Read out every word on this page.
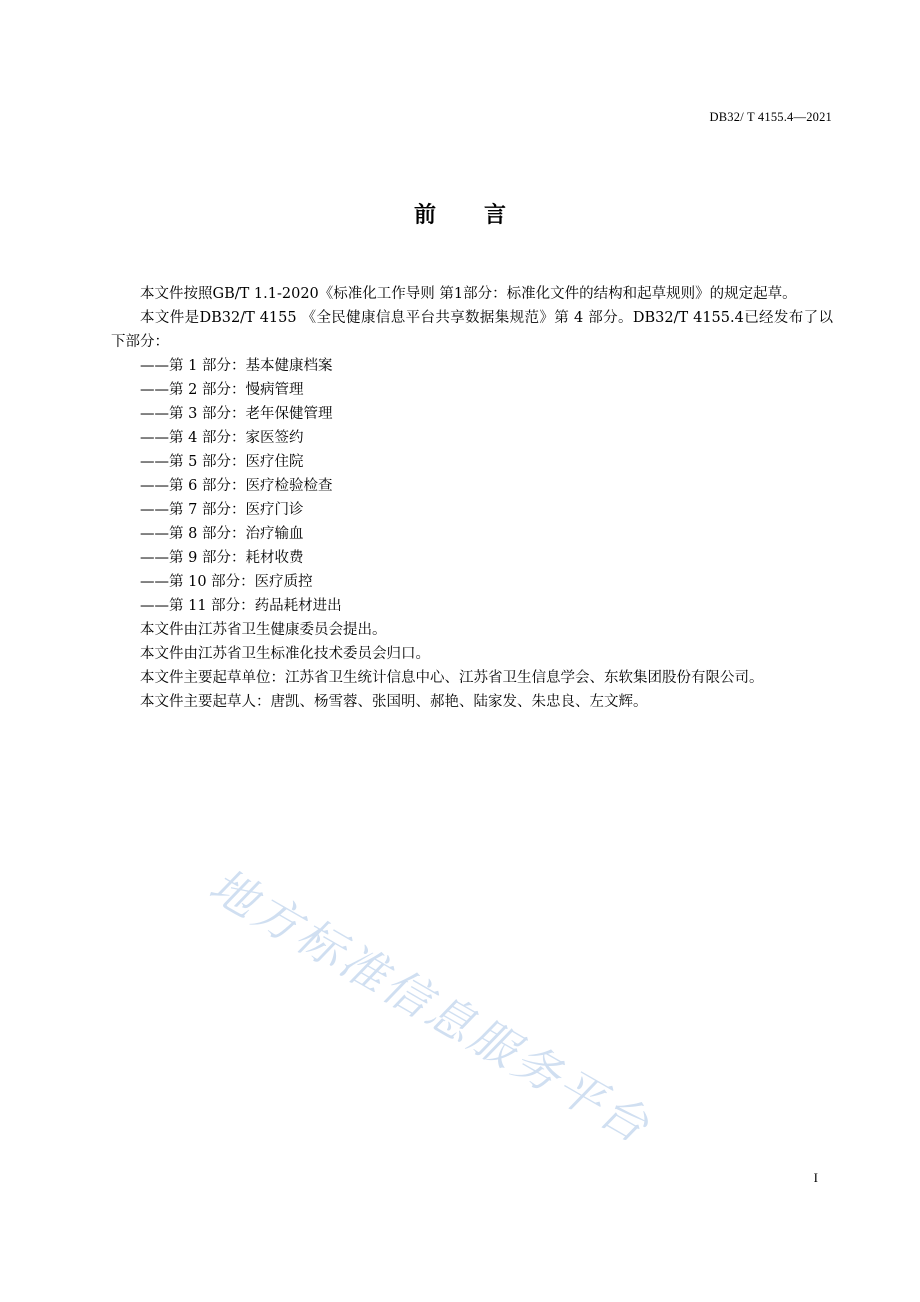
DB32/ T 4155.4—2021
前 言

本文件按照GB/T 1.1-2020《标准化工作导则 第1部分：标准化文件的结构和起草规则》的规定起草。

本文件是DB32/T 4155 《全民健康信息平台共享数据集规范》第 4 部分。DB32/T 4155.4已经发布了以下部分：

——第 1 部分：基本健康档案
——第 2 部分：慢病管理
——第 3 部分：老年保健管理
——第 4 部分：家医签约
——第 5 部分：医疗住院
——第 6 部分：医疗检验检查
——第 7 部分：医疗门诊
——第 8 部分：治疗输血
——第 9 部分：耗材收费
——第 10 部分：医疗质控
——第 11 部分：药品耗材进出

本文件由江苏省卫生健康委员会提出。

本文件由江苏省卫生标准化技术委员会归口。

本文件主要起草单位：江苏省卫生统计信息中心、江苏省卫生信息学会、东软集团股份有限公司。

本文件主要起草人：唐凯、杨雪蓉、张国明、郝艳、陆家发、朱忠良、左文辉。

地方标准信息服务平台
I
